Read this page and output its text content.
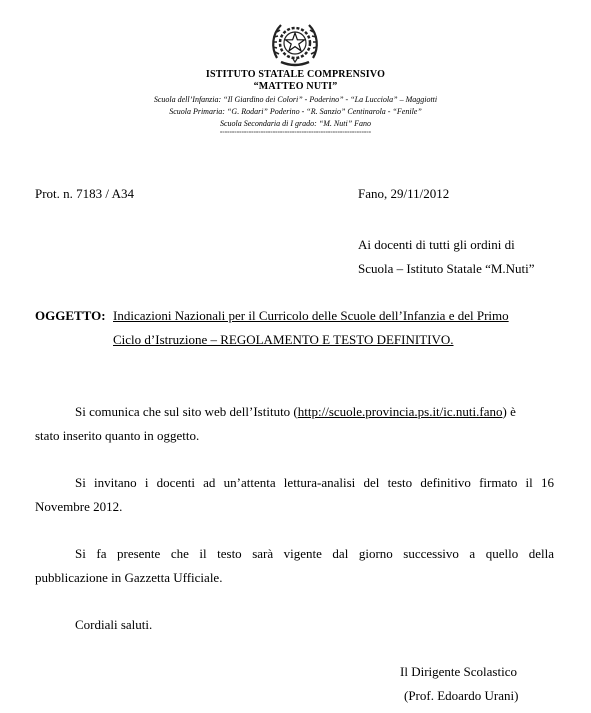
ISTITUTO STATALE COMPRENSIVO
“MATTEO NUTI”
Scuola dell’Infanzia: “Il Giardino dei Colori” - Poderino” - “La Lucciola” – Maggiotti
Scuola Primaria: “G. Rodari” Poderino - “R. Sanzio” Centinarola - “Fenile”
Scuola Secondaria di I grado: “M. Nuti” Fano
°°°°°°°°°°°°°°°°°°°°°°°°°°°°°°°°°°°°°°°°°°°°°°°°°°°°°°°°°°°°°°°
Prot. n. 7183 / A34	Fano, 29/11/2012
Ai docenti di tutti gli ordini di
Scuola – Istituto Statale “M.Nuti”
OGGETTO: Indicazioni Nazionali per il Curricolo delle Scuole dell’Infanzia e del Primo
Ciclo d’Istruzione – REGOLAMENTO E TESTO DEFINITIVO.
Si comunica che sul sito web dell’Istituto (http://scuole.provincia.ps.it/ic.nuti.fano) è
stato inserito quanto in oggetto.
Si invitano i docenti ad un’attenta lettura-analisi del testo definitivo firmato il 16
Novembre 2012.
Si fa presente che il testo sarà vigente dal giorno successivo a quello della
pubblicazione in Gazzetta Ufficiale.
Cordiali saluti.
Il Dirigente Scolastico
(Prof. Edoardo Urani)
